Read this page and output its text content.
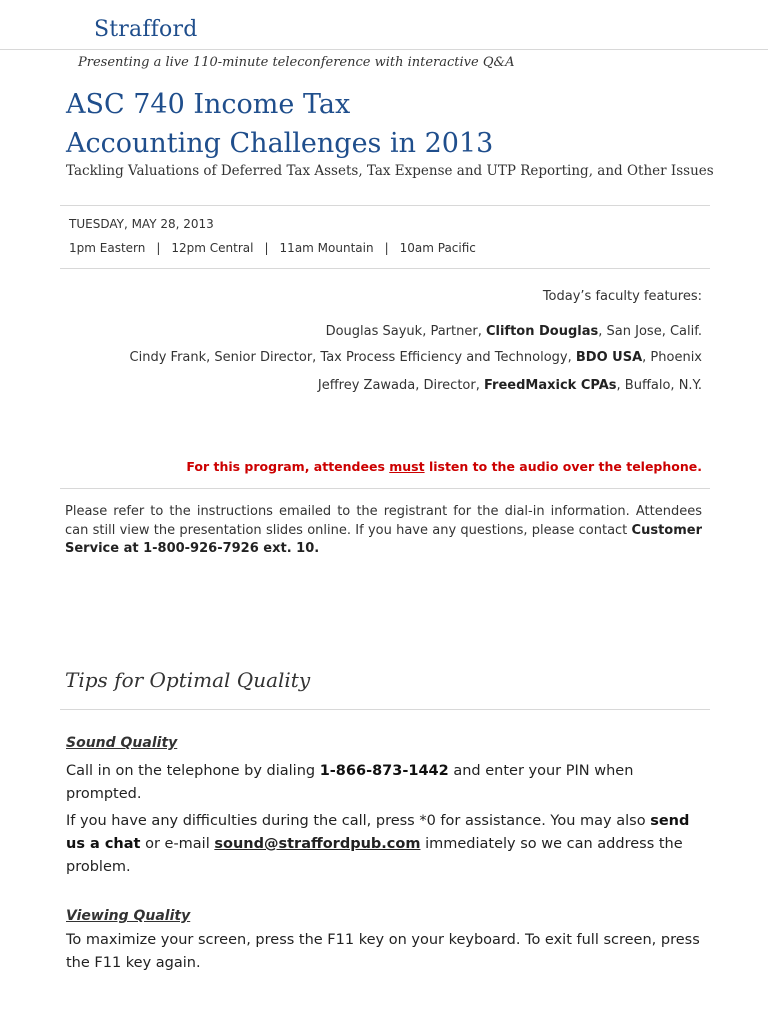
Strafford
Presenting a live 110-minute teleconference with interactive Q&A
ASC 740 Income Tax
Accounting Challenges in 2013
Tackling Valuations of Deferred Tax Assets, Tax Expense and UTP Reporting, and Other Issues
TUESDAY, MAY 28, 2013
1pm Eastern | 12pm Central | 11am Mountain | 10am Pacific
Today’s faculty features:
Douglas Sayuk, Partner, Clifton Douglas, San Jose, Calif.
Cindy Frank, Senior Director, Tax Process Efficiency and Technology, BDO USA, Phoenix
Jeffrey Zawada, Director, FreedMaxick CPAs, Buffalo, N.Y.
For this program, attendees must listen to the audio over the telephone.
Please refer to the instructions emailed to the registrant for the dial-in information. Attendees can still view the presentation slides online. If you have any questions, please contact Customer Service at 1-800-926-7926 ext. 10.
Tips for Optimal Quality
Sound Quality
Call in on the telephone by dialing 1-866-873-1442 and enter your PIN when prompted.
If you have any difficulties during the call, press *0 for assistance. You may also send us a chat or e-mail sound@straffordpub.com immediately so we can address the problem.
Viewing Quality
To maximize your screen, press the F11 key on your keyboard. To exit full screen, press the F11 key again.
